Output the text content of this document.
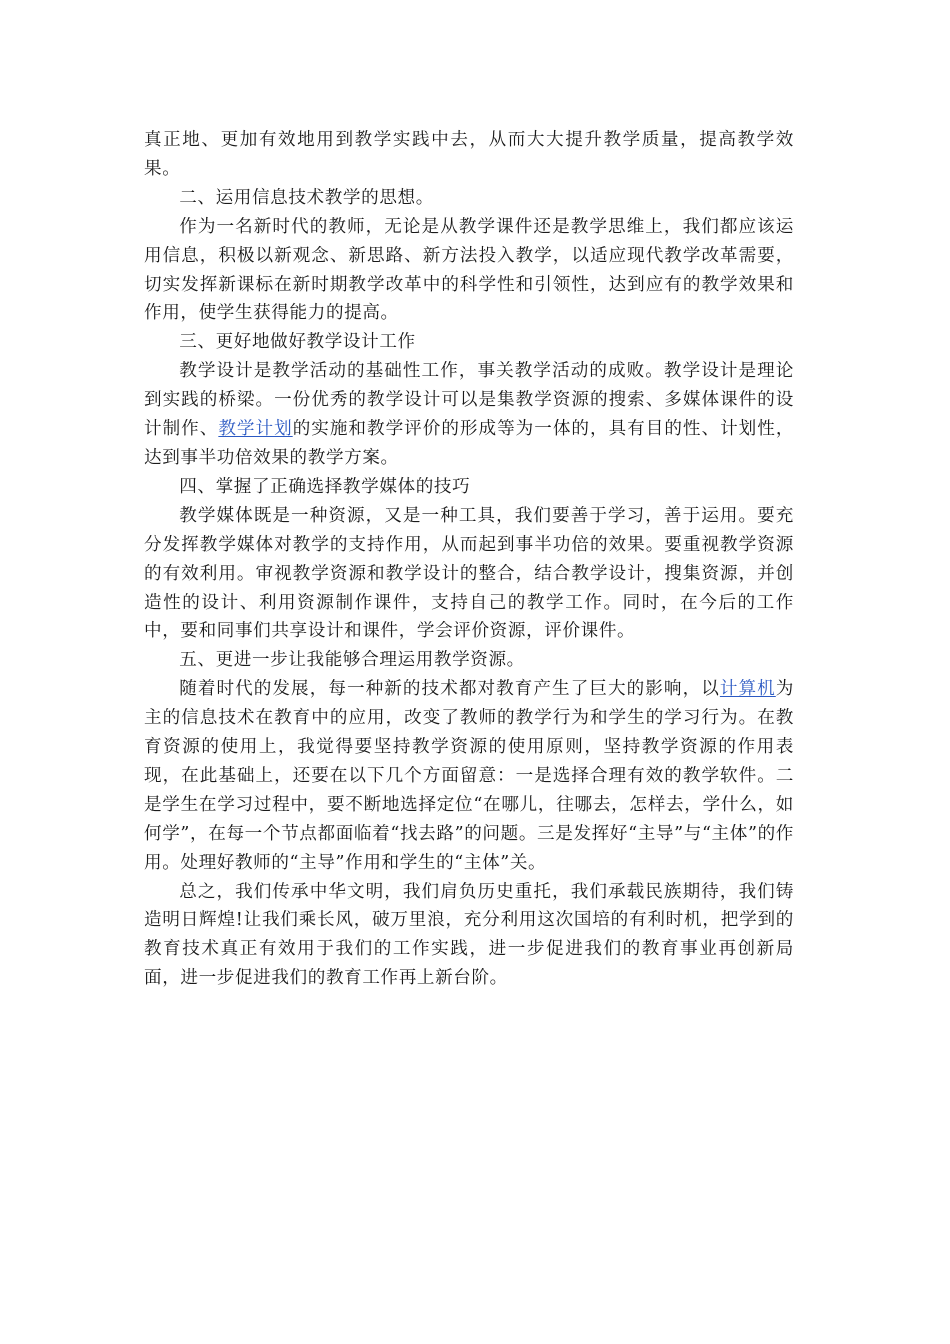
真正地、更加有效地用到教学实践中去，从而大大提升教学质量，提高教学效果。

二、运用信息技术教学的思想。

作为一名新时代的教师，无论是从教学课件还是教学思维上，我们都应该运用信息，积极以新观念、新思路、新方法投入教学，以适应现代教学改革需要，切实发挥新课标在新时期教学改革中的科学性和引领性，达到应有的教学效果和作用，使学生获得能力的提高。

三、更好地做好教学设计工作

教学设计是教学活动的基础性工作，事关教学活动的成败。教学设计是理论到实践的桥梁。一份优秀的教学设计可以是集教学资源的搜索、多媒体课件的设计制作、教学计划的实施和教学评价的形成等为一体的，具有目的性、计划性，达到事半功倍效果的教学方案。

四、掌握了正确选择教学媒体的技巧

教学媒体既是一种资源，又是一种工具，我们要善于学习，善于运用。要充分发挥教学媒体对教学的支持作用，从而起到事半功倍的效果。要重视教学资源的有效利用。审视教学资源和教学设计的整合，结合教学设计，搜集资源，并创造性的设计、利用资源制作课件，支持自己的教学工作。同时，在今后的工作中，要和同事们共享设计和课件，学会评价资源，评价课件。

五、更进一步让我能够合理运用教学资源。

随着时代的发展，每一种新的技术都对教育产生了巨大的影响，以计算机为主的信息技术在教育中的应用，改变了教师的教学行为和学生的学习行为。在教育资源的使用上，我觉得要坚持教学资源的使用原则，坚持教学资源的作用表现，在此基础上，还要在以下几个方面留意：一是选择合理有效的教学软件。二是学生在学习过程中，要不断地选择定位“在哪儿，往哪去，怎样去，学什么，如何学”，在每一个节点都面临着“找去路”的问题。三是发挥好“主导”与“主体”的作用。处理好教师的“主导”作用和学生的“主体”关。

总之，我们传承中华文明，我们肩负历史重托，我们承载民族期待，我们铸造明日辉煌!让我们乘长风，破万里浪，充分利用这次国培的有利时机，把学到的教育技术真正有效用于我们的工作实践，进一步促进我们的教育事业再创新局面，进一步促进我们的教育工作再上新台阶。
